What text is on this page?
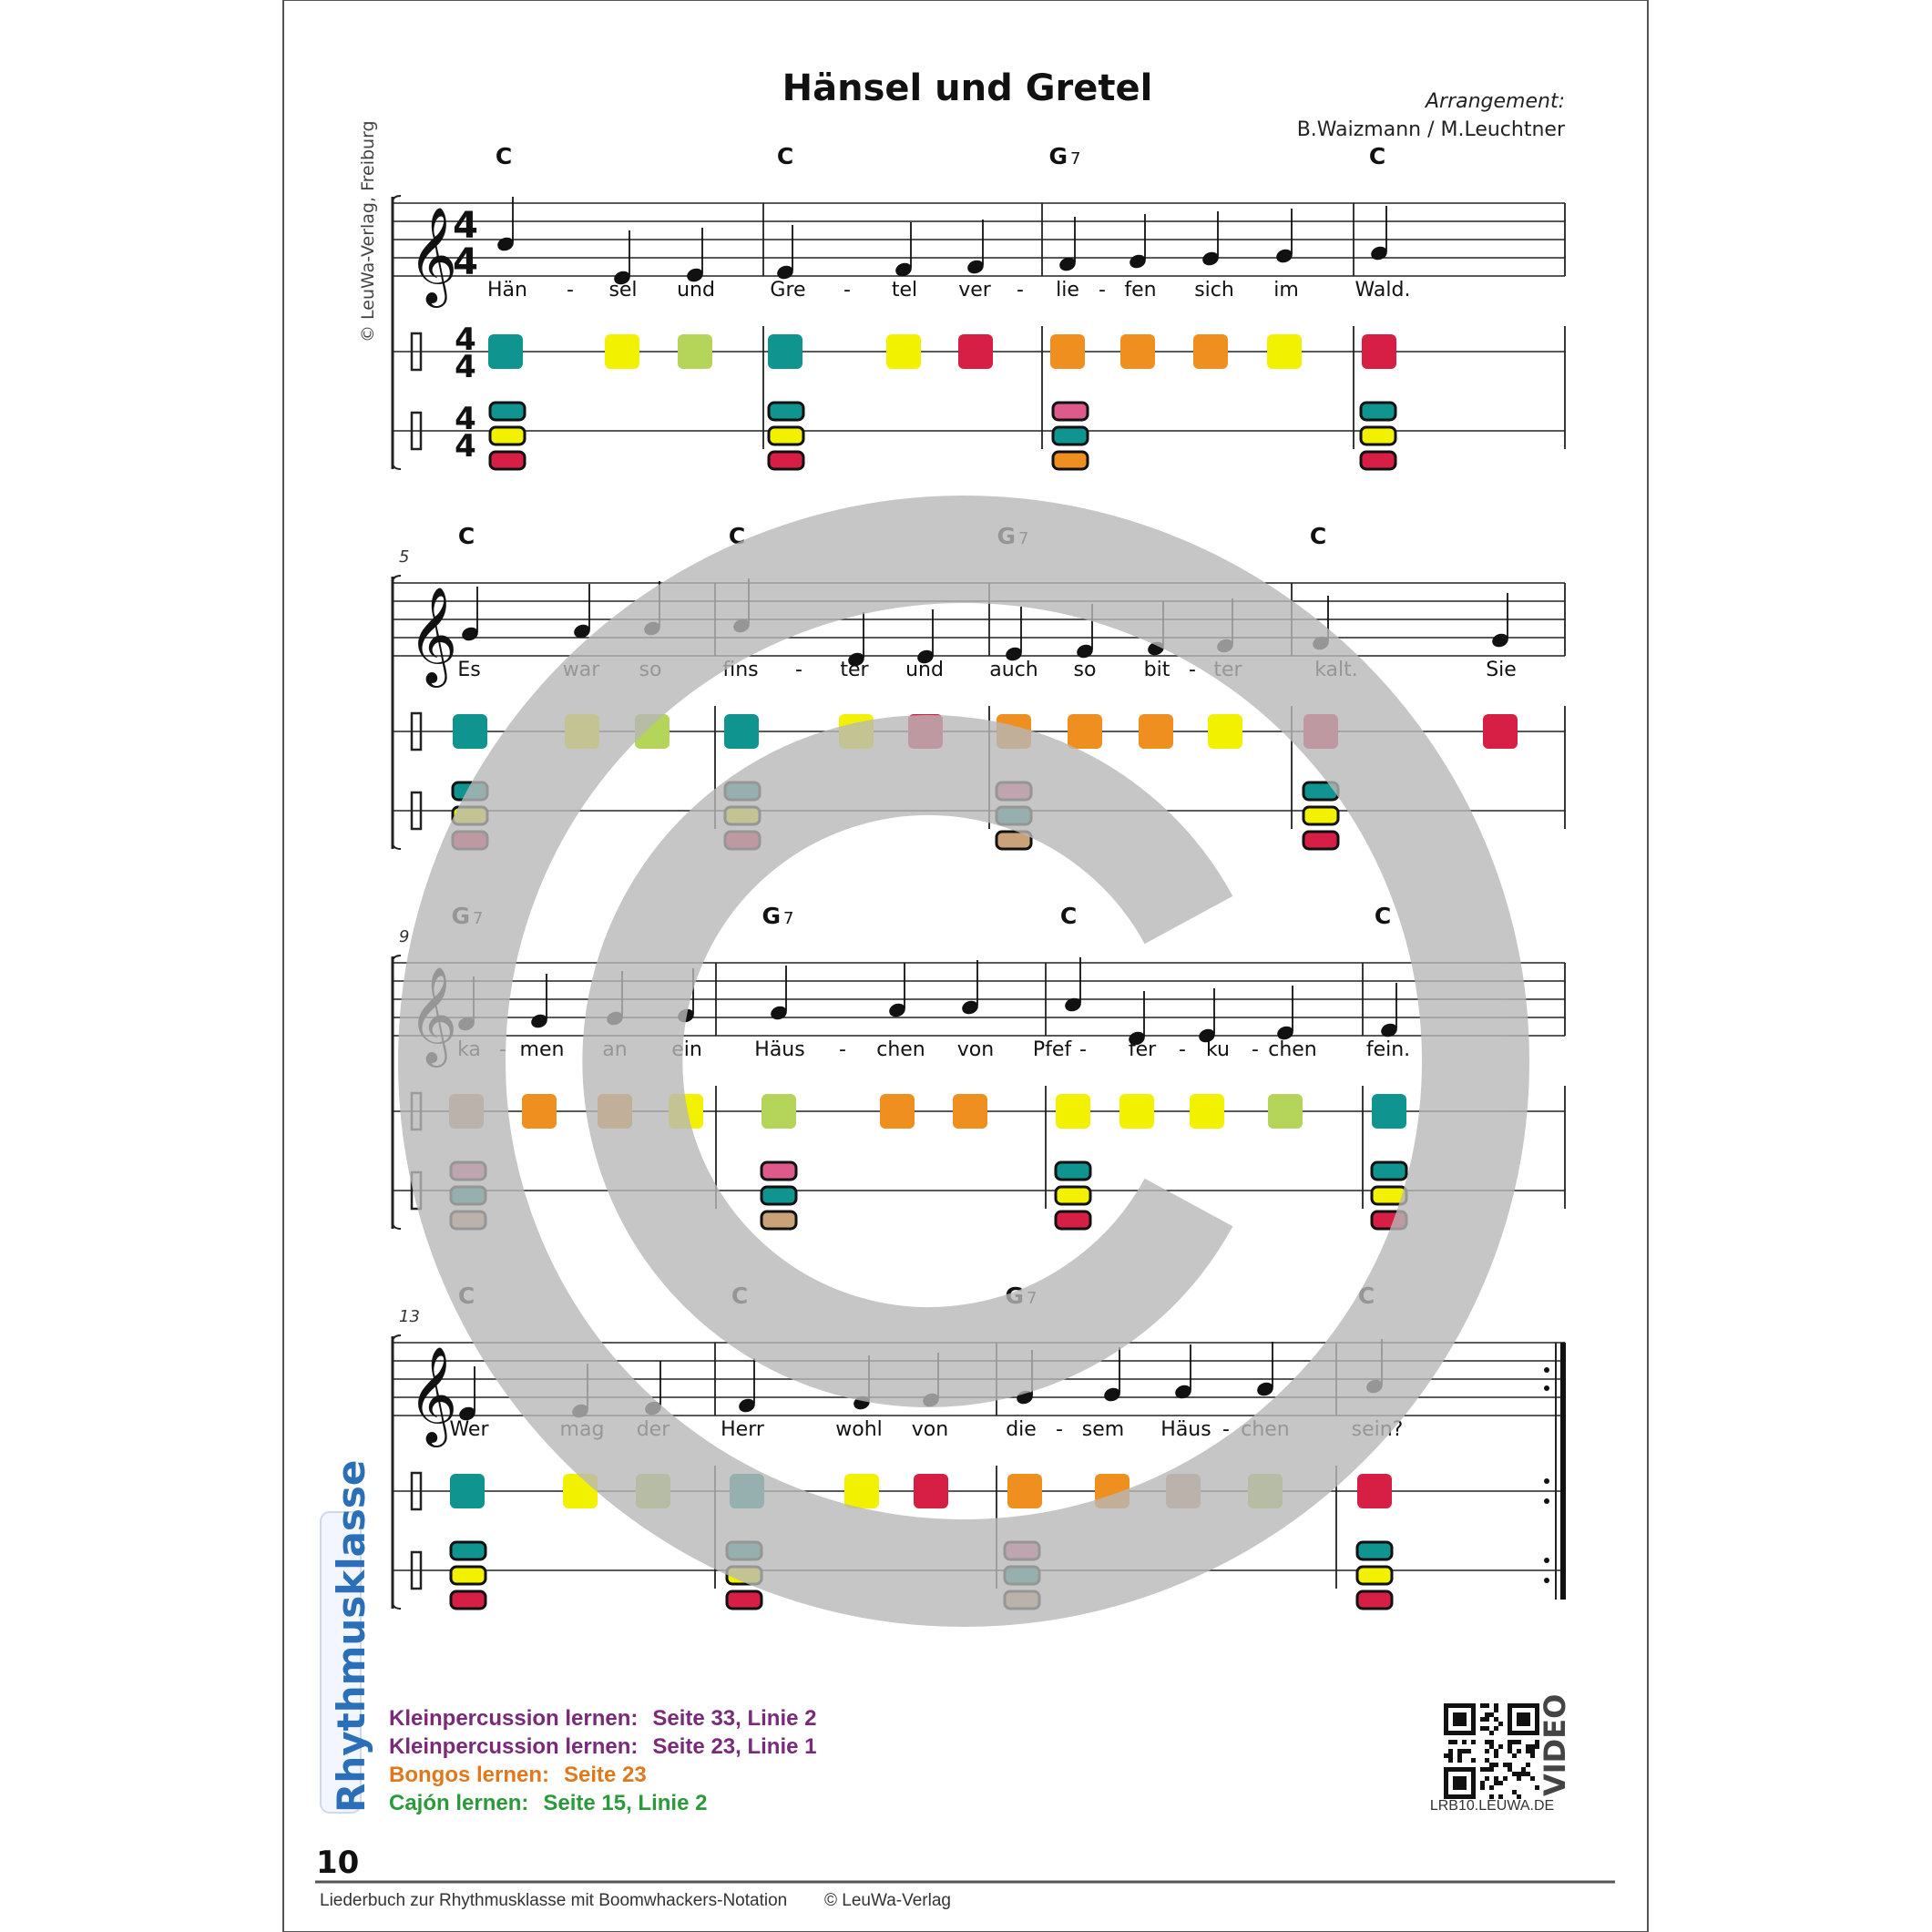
Hänsel und Gretel	Arrangement:
B.Waizmann / M.Leuchtner
© LeuWa-Verlag, Freiburg 𝄞
4
4
4
4
4
4
C	C	G 7	C
Hän - sel und	Gre - tel ver - lie - fen sich im	Wald.
5
𝄞
C	C	G 7	C
Es	war so	fins - ter und auch so bit - ter	kalt.	Sie
9
𝄞
G 7	G 7	C	C
ka - men an ein	Häus - chen von Pfef - fer - ku - chen fein.
13
𝄞
C	C	G 7	C
Wer	mag der	Herr	wohl von	die - sem Häus - chen	sein?
Rhythmusklasse Kleinpercussion lernen: Seite 33, Linie 2
Kleinpercussion lernen: Seite 23, Linie 1
Bongos lernen: Seite 23
Cajón lernen: Seite 15, Linie 2
VIDEO
LRB10.LEUWA.DE
10
Liederbuch zur Rhythmusklasse mit Boomwhackers-Notation © LeuWa-Verlag
